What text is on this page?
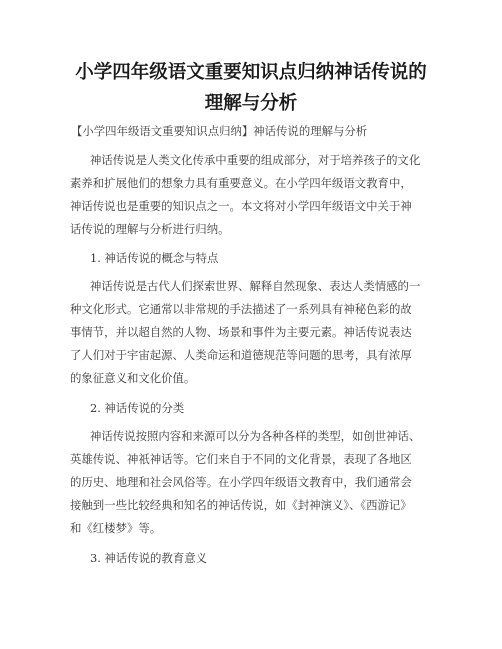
小学四年级语文重要知识点归纳神话传说的
理解与分析
【小学四年级语文重要知识点归纳】神话传说的理解与分析
神话传说是人类文化传承中重要的组成部分，对于培养孩子的文化
素养和扩展他们的想象力具有重要意义。在小学四年级语文教育中，
神话传说也是重要的知识点之一。本文将对小学四年级语文中关于神
话传说的理解与分析进行归纳。
1. 神话传说的概念与特点
神话传说是古代人们探索世界、解释自然现象、表达人类情感的一
种文化形式。它通常以非常规的手法描述了一系列具有神秘色彩的故
事情节，并以超自然的人物、场景和事件为主要元素。神话传说表达
了人们对于宇宙起源、人类命运和道德规范等问题的思考，具有浓厚
的象征意义和文化价值。
2. 神话传说的分类
神话传说按照内容和来源可以分为各种各样的类型，如创世神话、
英雄传说、神祇神话等。它们来自于不同的文化背景，表现了各地区
的历史、地理和社会风俗等。在小学四年级语文教育中，我们通常会
接触到一些比较经典和知名的神话传说，如《封神演义》、《西游记》
和《红楼梦》等。
3. 神话传说的教育意义
